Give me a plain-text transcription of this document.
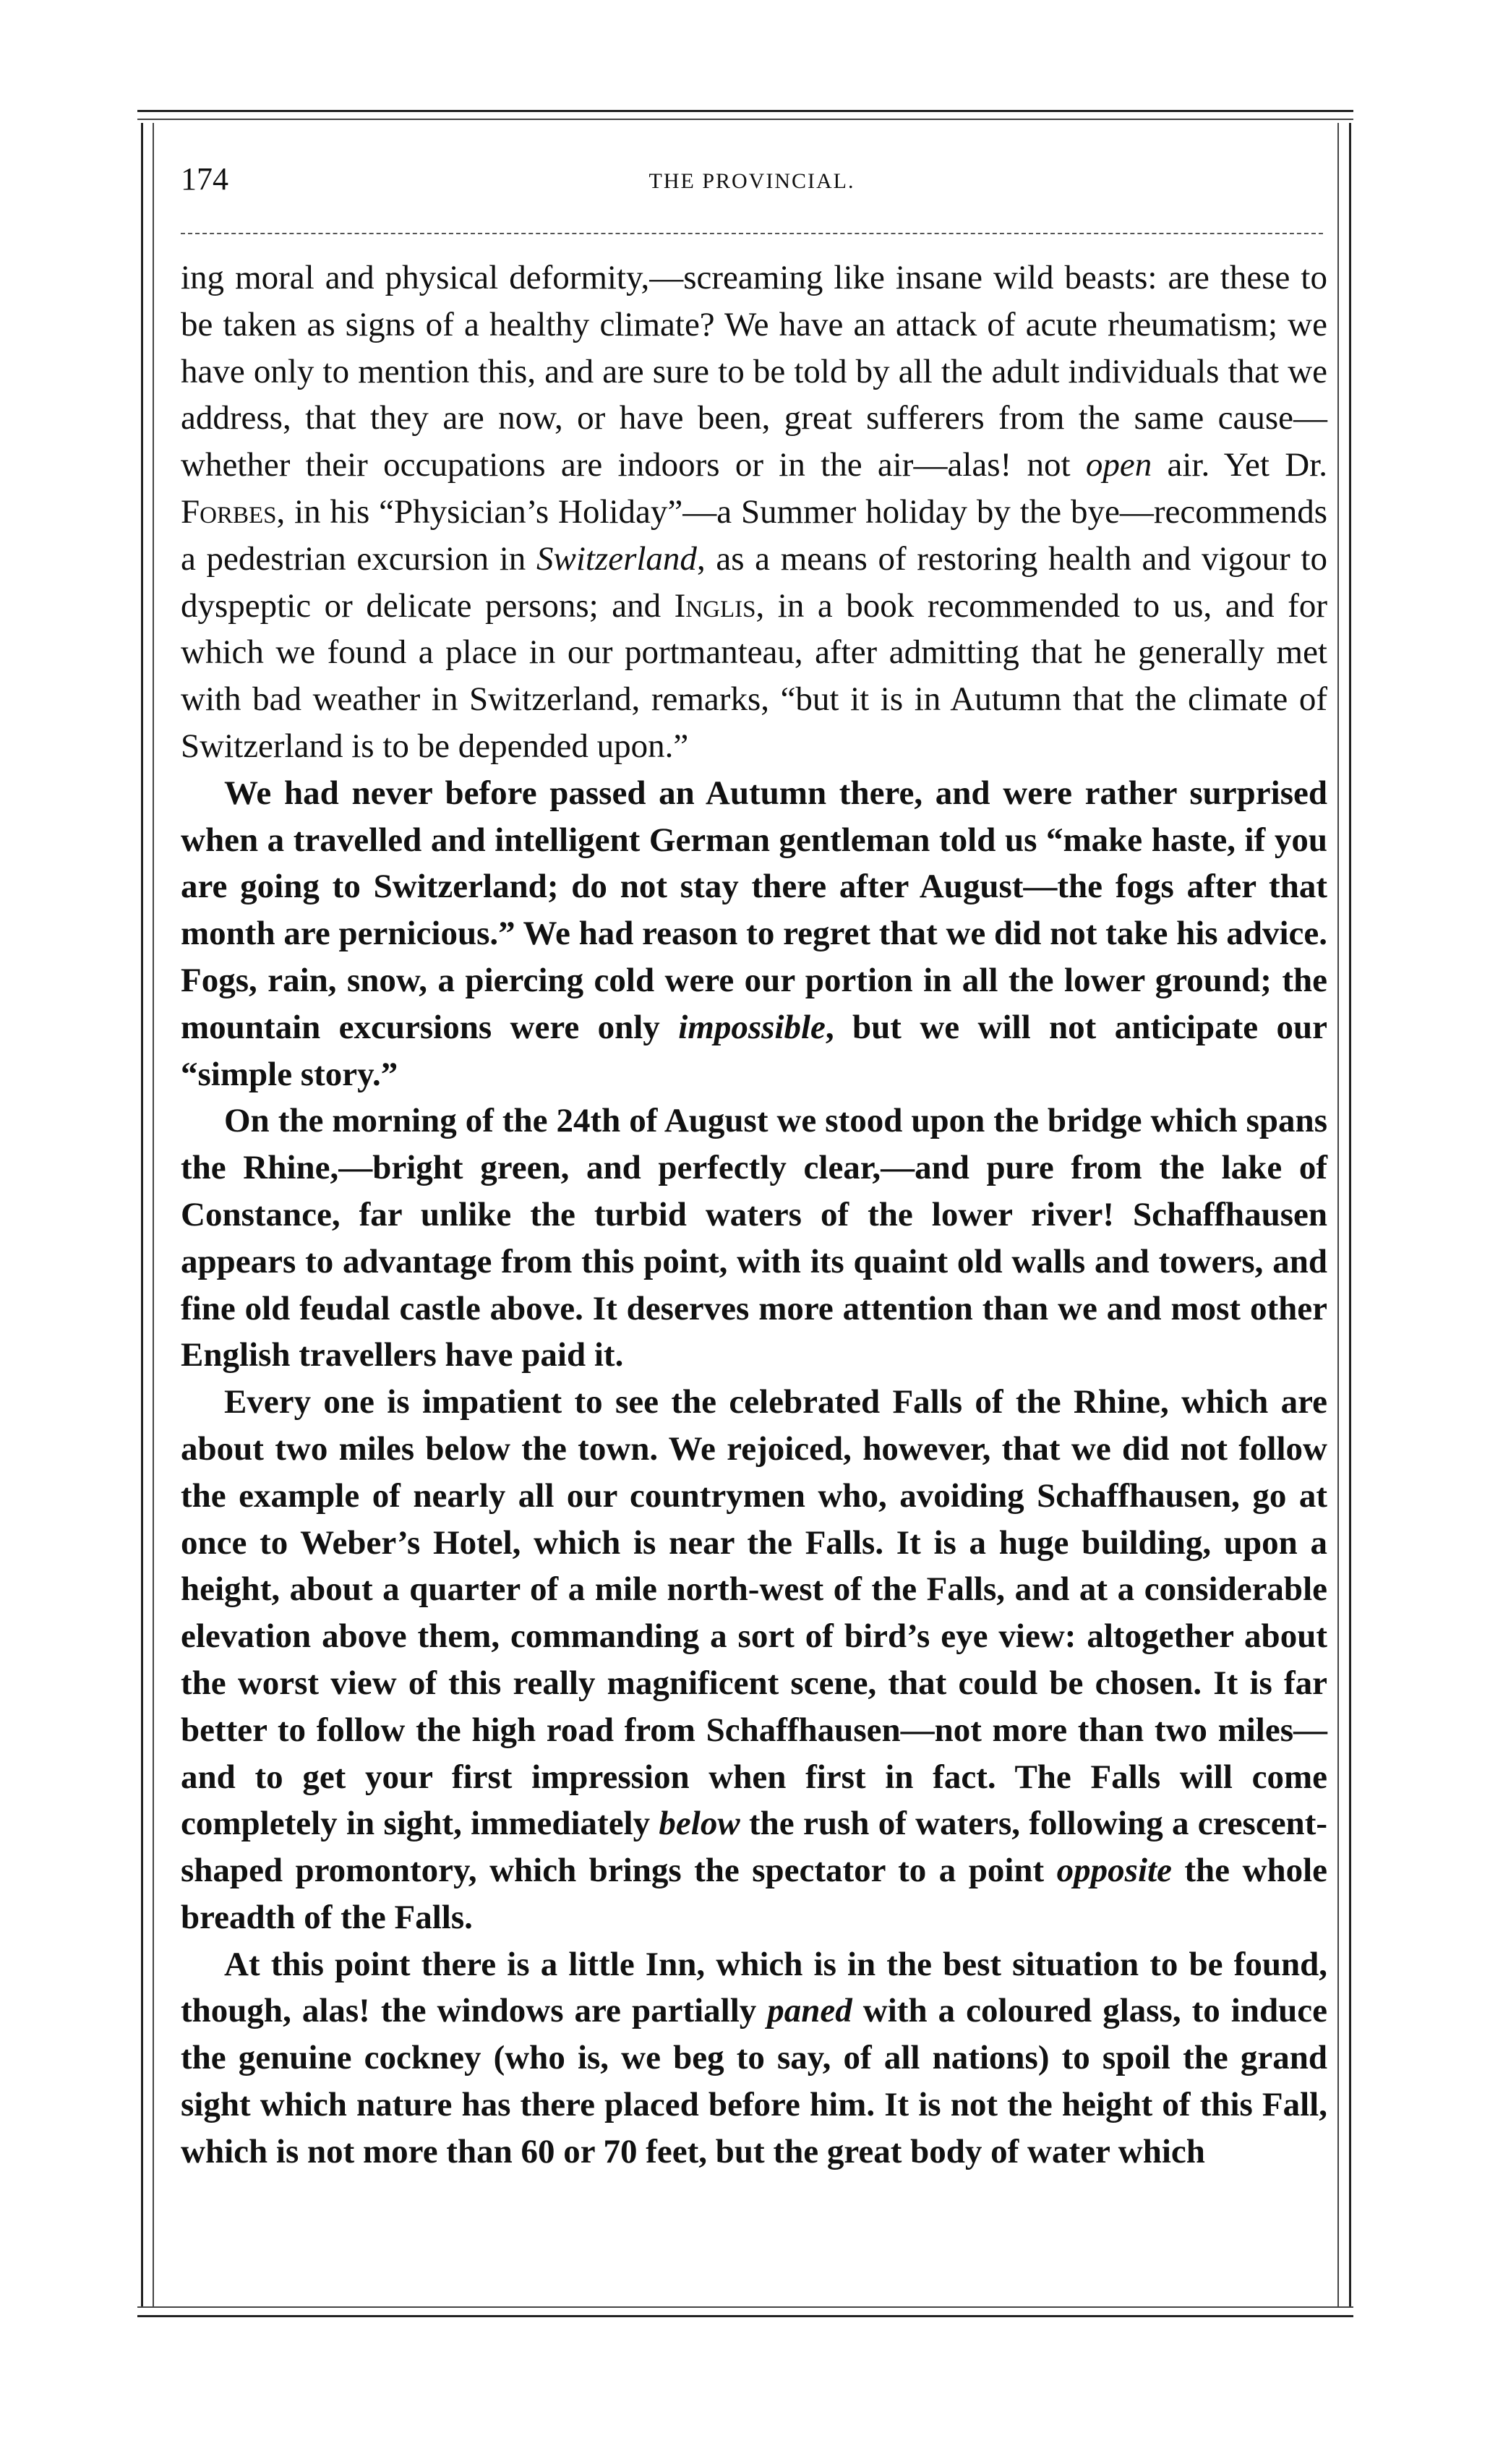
174	THE PROVINCIAL.

ing moral and physical deformity,—screaming like insane wild beasts: are these to be taken as signs of a healthy climate? We have an attack of acute rheumatism; we have only to mention this, and are sure to be told by all the adult individuals that we address, that they are now, or have been, great sufferers from the same cause—whether their occupations are indoors or in the air—alas! not open air. Yet Dr. Forbes, in his “Physician’s Holiday”—a Summer holiday by the bye—recommends a pedestrian excursion in Switzerland, as a means of restoring health and vigour to dyspeptic or delicate persons; and Inglis, in a book recommended to us, and for which we found a place in our portmanteau, after admitting that he generally met with bad weather in Switzerland, remarks, “but it is in Autumn that the climate of Switzerland is to be depended upon.”

We had never before passed an Autumn there, and were rather surprised when a travelled and intelligent German gentleman told us “make haste, if you are going to Switzerland; do not stay there after August—the fogs after that month are pernicious.” We had reason to regret that we did not take his advice. Fogs, rain, snow, a piercing cold were our portion in all the lower ground; the mountain excursions were only impossible, but we will not anticipate our “simple story.”

On the morning of the 24th of August we stood upon the bridge which spans the Rhine,—bright green, and perfectly clear,—and pure from the lake of Constance, far unlike the turbid waters of the lower river! Schaffhausen appears to advantage from this point, with its quaint old walls and towers, and fine old feudal castle above. It deserves more attention than we and most other English travellers have paid it.

Every one is impatient to see the celebrated Falls of the Rhine, which are about two miles below the town. We rejoiced, however, that we did not follow the example of nearly all our countrymen who, avoiding Schaffhausen, go at once to Weber’s Hotel, which is near the Falls. It is a huge building, upon a height, about a quarter of a mile north-west of the Falls, and at a considerable elevation above them, commanding a sort of bird’s eye view: altogether about the worst view of this really magnificent scene, that could be chosen. It is far better to follow the high road from Schaffhausen—not more than two miles—and to get your first impression when first in fact. The Falls will come completely in sight, immediately below the rush of waters, following a crescent-shaped promontory, which brings the spectator to a point opposite the whole breadth of the Falls.

At this point there is a little Inn, which is in the best situation to be found, though, alas! the windows are partially paned with a coloured glass, to induce the genuine cockney (who is, we beg to say, of all nations) to spoil the grand sight which nature has there placed before him. It is not the height of this Fall, which is not more than 60 or 70 feet, but the great body of water which
